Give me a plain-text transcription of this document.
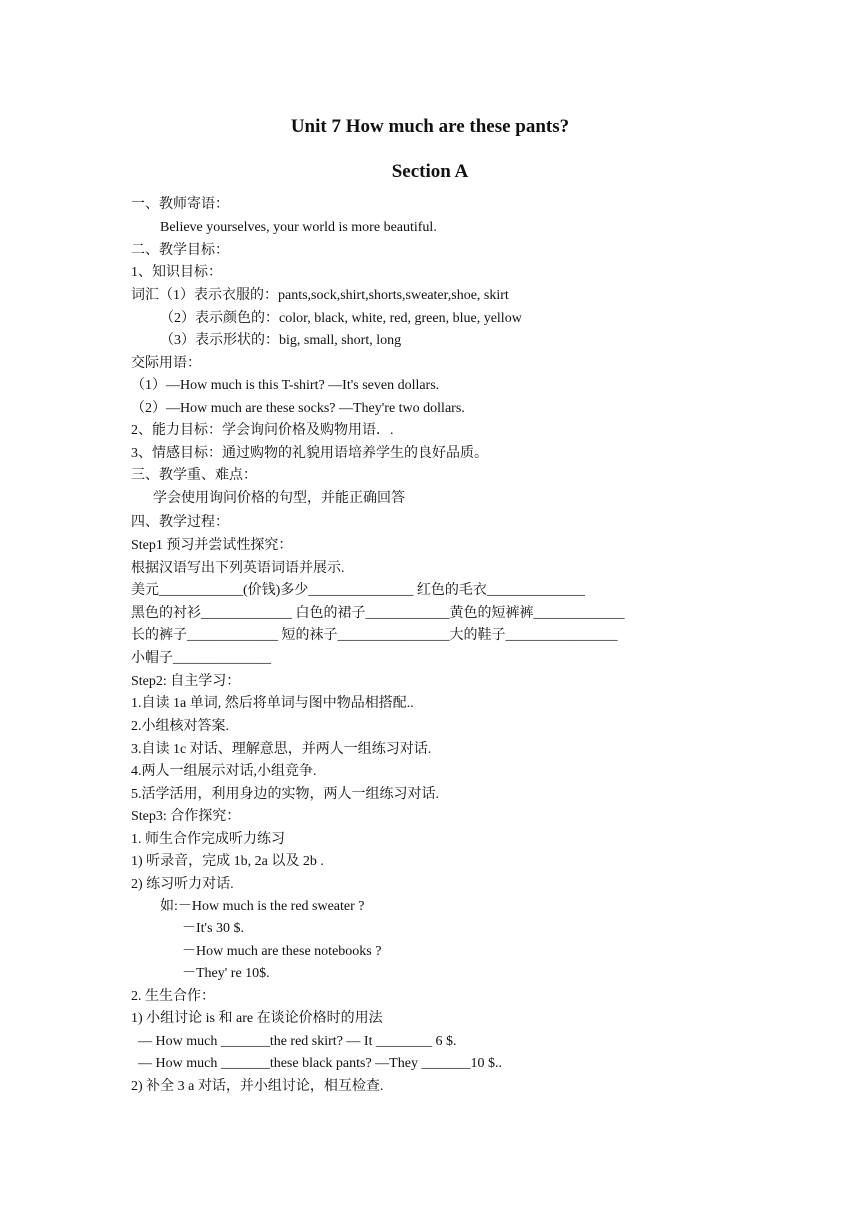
Unit 7 How much are these pants?
Section A
一、教师寄语：
Believe yourselves, your world is more beautiful.
二、教学目标：
1、知识目标：
词汇（1）表示衣服的：pants,sock,shirt,shorts,sweater,shoe, skirt
（2）表示颜色的：color, black, white, red, green, blue, yellow
（3）表示形状的：big, small, short, long
交际用语：
（1）—How much is this T-shirt? —It's seven dollars.
（2）—How much are these socks? —They're two dollars.
2、能力目标：学会询问价格及购物用语．.
3、情感目标：通过购物的礼貌用语培养学生的良好品质。
三、教学重、难点：
学会使用询问价格的句型，并能正确回答
四、教学过程：
Step1 预习并尝试性探究：
根据汉语写出下列英语词语并展示.
美元____________(价钱)多少_______________ 红色的毛衣______________
黑色的衬衫_____________ 白色的裙子____________黄色的短裤裤_____________
长的裤子_____________ 短的袜子________________大的鞋子________________
小帽子______________
Step2: 自主学习：
1.自读 1a 单词, 然后将单词与图中物品相搭配..
2.小组核对答案.
3.自读 1c 对话、理解意思，并两人一组练习对话.
4.两人一组展示对话,小组竞争.
5.活学活用，利用身边的实物，两人一组练习对话.
Step3: 合作探究：
1. 师生合作完成听力练习
1) 听录音，完成 1b, 2a 以及 2b .
2) 练习听力对话.
如:－How much is the red sweater ?
－It's 30 $.
－How much are these notebooks ?
－They' re 10$.
2. 生生合作：
1) 小组讨论 is 和 are 在谈论价格时的用法
— How much _______the red skirt? — It ________ 6 $.
— How much _______these black pants? —They _______10 $..
2) 补全 3 a 对话，并小组讨论，相互检查.
